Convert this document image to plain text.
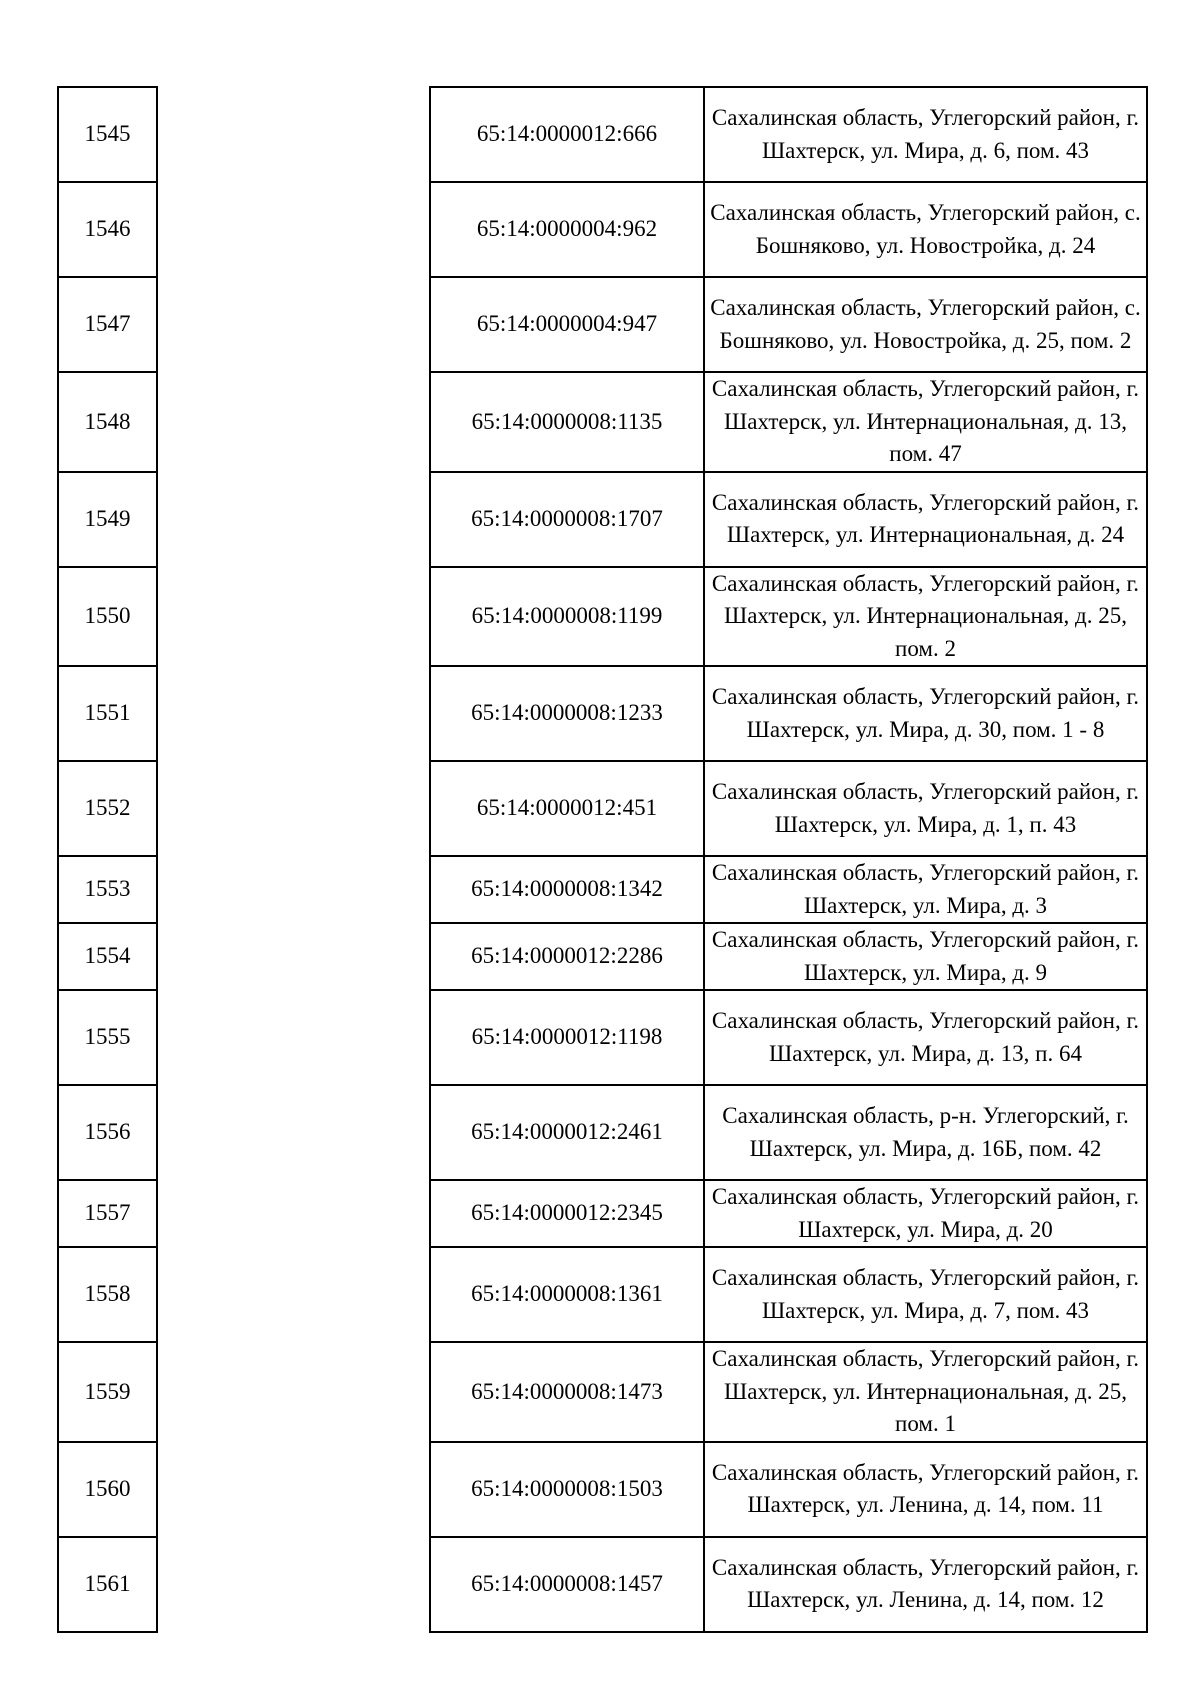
1545		65:14:0000012:666	Сахалинская область, Углегорский район, г. Шахтерск, ул. Мира, д. 6, пом. 43
1546		65:14:0000004:962	Сахалинская область, Углегорский район, с. Бошняково, ул. Новостройка, д. 24
1547		65:14:0000004:947	Сахалинская область, Углегорский район, с. Бошняково, ул. Новостройка, д. 25, пом. 2
1548		65:14:0000008:1135	Сахалинская область, Углегорский район, г. Шахтерск, ул. Интернациональная, д. 13, пом. 47
1549		65:14:0000008:1707	Сахалинская область, Углегорский район, г. Шахтерск, ул. Интернациональная, д. 24
1550		65:14:0000008:1199	Сахалинская область, Углегорский район, г. Шахтерск, ул. Интернациональная, д. 25, пом. 2
1551		65:14:0000008:1233	Сахалинская область, Углегорский район, г. Шахтерск, ул. Мира, д. 30, пом. 1 - 8
1552		65:14:0000012:451	Сахалинская область, Углегорский район, г. Шахтерск, ул. Мира, д. 1, п. 43
1553		65:14:0000008:1342	Сахалинская область, Углегорский район, г. Шахтерск, ул. Мира, д. 3
1554		65:14:0000012:2286	Сахалинская область, Углегорский район, г. Шахтерск, ул. Мира, д. 9
1555		65:14:0000012:1198	Сахалинская область, Углегорский район, г. Шахтерск, ул. Мира, д. 13, п. 64
1556		65:14:0000012:2461	Сахалинская область, р-н. Углегорский, г. Шахтерск, ул. Мира, д. 16Б, пом. 42
1557		65:14:0000012:2345	Сахалинская область, Углегорский район, г. Шахтерск, ул. Мира, д. 20
1558		65:14:0000008:1361	Сахалинская область, Углегорский район, г. Шахтерск, ул. Мира, д. 7, пом. 43
1559		65:14:0000008:1473	Сахалинская область, Углегорский район, г. Шахтерск, ул. Интернациональная, д. 25, пом. 1
1560		65:14:0000008:1503	Сахалинская область, Углегорский район, г. Шахтерск, ул. Ленина, д. 14, пом. 11
1561		65:14:0000008:1457	Сахалинская область, Углегорский район, г. Шахтерск, ул. Ленина, д. 14, пом. 12
